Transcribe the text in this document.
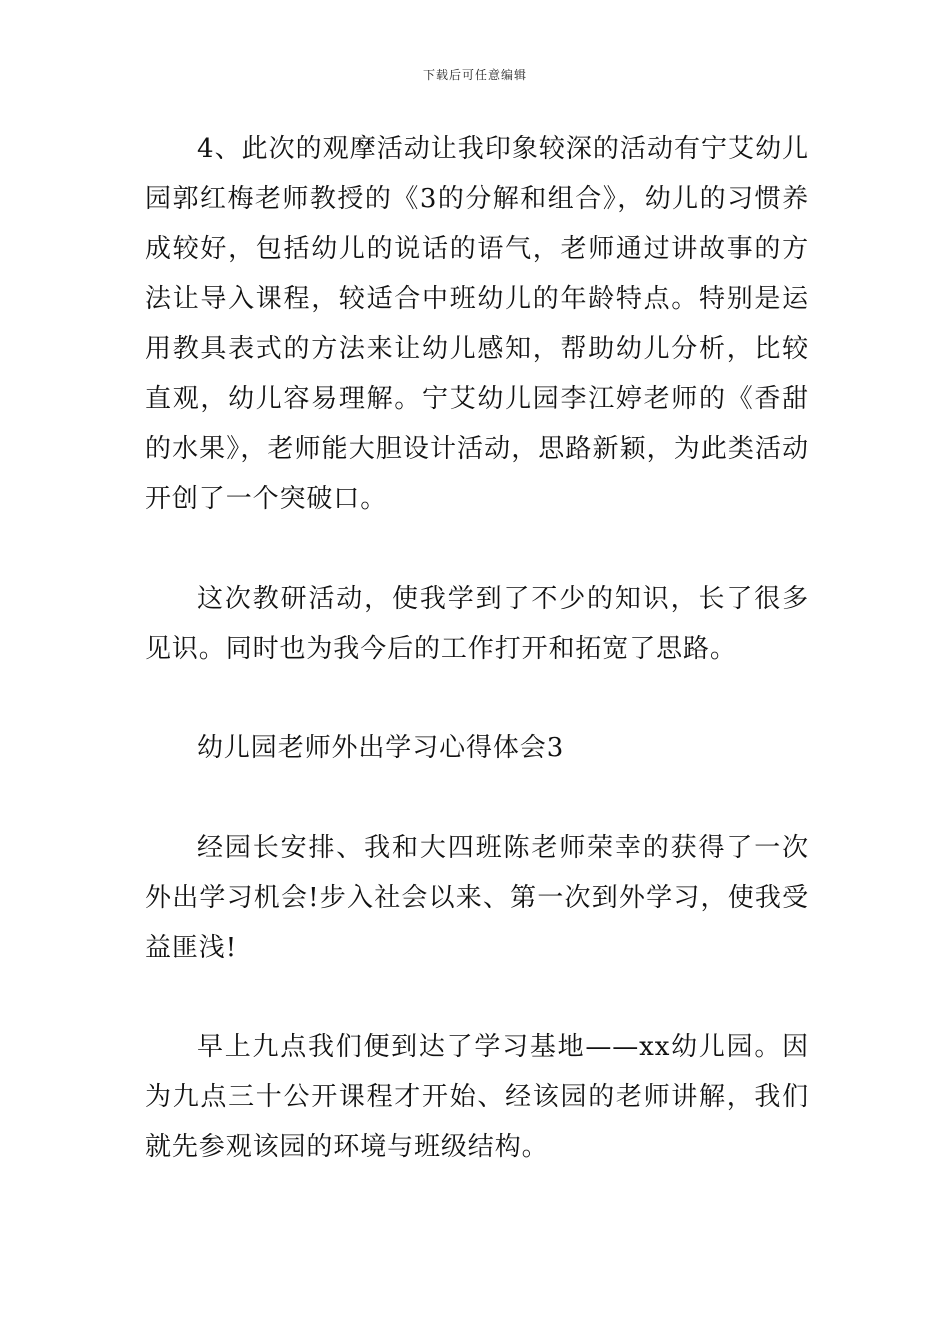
下载后可任意编辑

4、此次的观摩活动让我印象较深的活动有宁艾幼儿园郭红梅老师教授的《3的分解和组合》，幼儿的习惯养成较好，包括幼儿的说话的语气，老师通过讲故事的方法让导入课程，较适合中班幼儿的年龄特点。特别是运用教具表式的方法来让幼儿感知，帮助幼儿分析，比较直观，幼儿容易理解。宁艾幼儿园李江婷老师的《香甜的水果》，老师能大胆设计活动，思路新颖，为此类活动开创了一个突破口。

这次教研活动，使我学到了不少的知识，长了很多见识。同时也为我今后的工作打开和拓宽了思路。

幼儿园老师外出学习心得体会3

经园长安排、我和大四班陈老师荣幸的获得了一次外出学习机会!步入社会以来、第一次到外学习，使我受益匪浅!

早上九点我们便到达了学习基地——xx幼儿园。因为九点三十公开课程才开始、经该园的老师讲解，我们就先参观该园的环境与班级结构。
